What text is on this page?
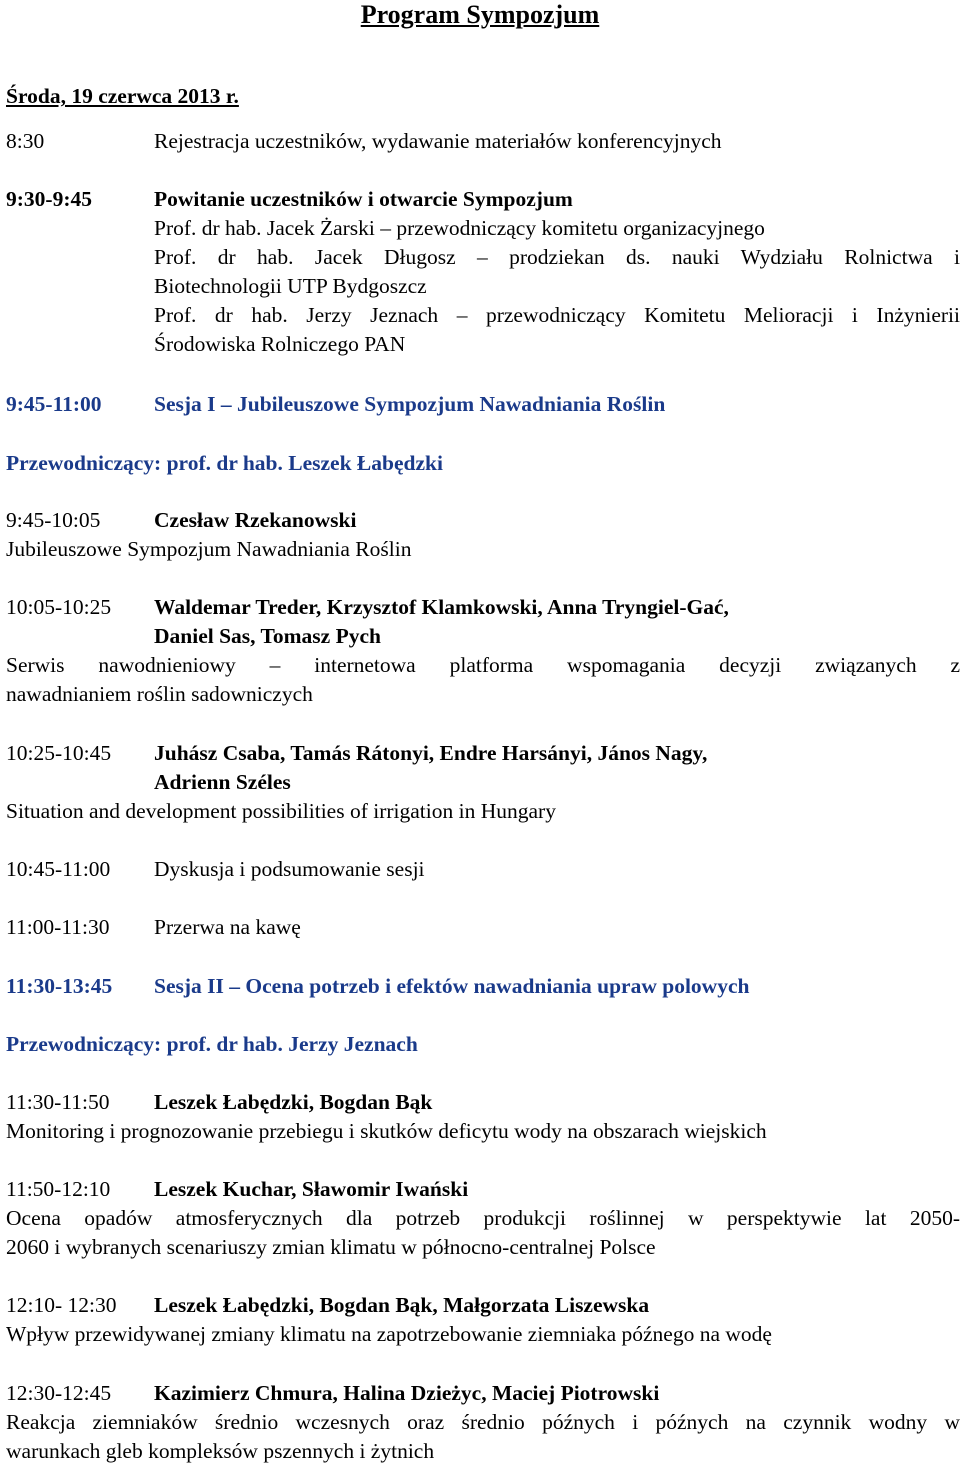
Program Sympozjum
Środa, 19 czerwca 2013 r.
8:30	Rejestracja uczestników, wydawanie materiałów konferencyjnych
9:30-9:45	Powitanie uczestników i otwarcie Sympozjum
Prof. dr hab. Jacek Żarski – przewodniczący komitetu organizacyjnego
Prof. dr hab. Jacek Długosz – prodziekan ds. nauki Wydziału Rolnictwa i
Biotechnologii UTP Bydgoszcz
Prof. dr hab. Jerzy Jeznach – przewodniczący Komitetu Melioracji i Inżynierii
Środowiska Rolniczego PAN
9:45-11:00 Sesja I – Jubileuszowe Sympozjum Nawadniania Roślin
Przewodniczący: prof. dr hab. Leszek Łabędzki
9:45-10:05 Czesław Rzekanowski
Jubileuszowe Sympozjum Nawadniania Roślin
10:05-10:25 Waldemar Treder, Krzysztof Klamkowski, Anna Tryngiel-Gać,
Daniel Sas, Tomasz Pych
Serwis nawodnieniowy – internetowa platforma wspomagania decyzji związanych z
nawadnianiem roślin sadowniczych
10:25-10:45 Juhász Csaba, Tamás Rátonyi, Endre Harsányi, János Nagy,
Adrienn Széles
Situation and development possibilities of irrigation in Hungary
10:45-11:00 Dyskusja i podsumowanie sesji
11:00-11:30 Przerwa na kawę
11:30-13:45 Sesja II – Ocena potrzeb i efektów nawadniania upraw polowych
Przewodniczący: prof. dr hab. Jerzy Jeznach
11:30-11:50 Leszek Łabędzki, Bogdan Bąk
Monitoring i prognozowanie przebiegu i skutków deficytu wody na obszarach wiejskich
11:50-12:10 Leszek Kuchar, Sławomir Iwański
Ocena opadów atmosferycznych dla potrzeb produkcji roślinnej w perspektywie lat 2050-
2060 i wybranych scenariuszy zmian klimatu w północno-centralnej Polsce
12:10- 12:30 Leszek Łabędzki, Bogdan Bąk, Małgorzata Liszewska
Wpływ przewidywanej zmiany klimatu na zapotrzebowanie ziemniaka późnego na wodę
12:30-12:45 Kazimierz Chmura, Halina Dzieżyc, Maciej Piotrowski
Reakcja ziemniaków średnio wczesnych oraz średnio późnych i późnych na czynnik wodny w
warunkach gleb kompleksów pszennych i żytnich
